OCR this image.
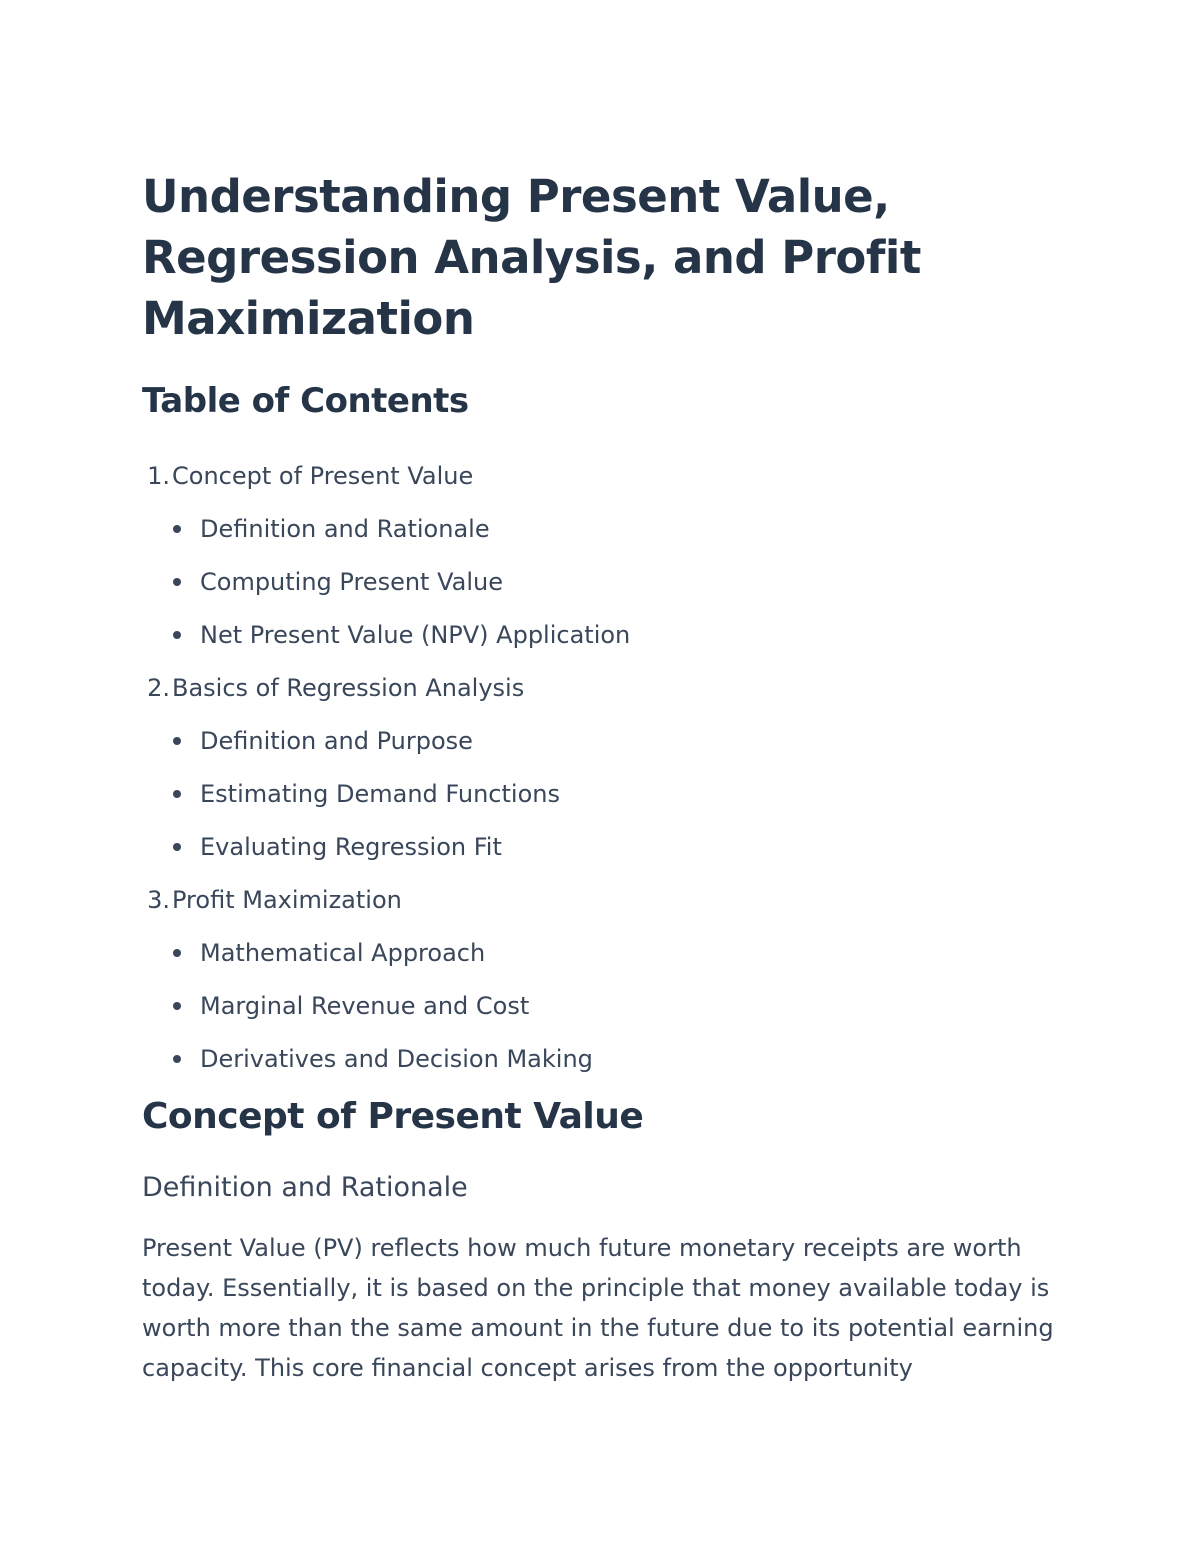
Understanding Present Value, Regression Analysis, and Profit Maximization
Table of Contents
1.Concept of Present Value
Definition and Rationale
Computing Present Value
Net Present Value (NPV) Application
2.Basics of Regression Analysis
Definition and Purpose
Estimating Demand Functions
Evaluating Regression Fit
3.Profit Maximization
Mathematical Approach
Marginal Revenue and Cost
Derivatives and Decision Making
Concept of Present Value
Definition and Rationale

Present Value (PV) reflects how much future monetary receipts are worth today. Essentially, it is based on the principle that money available today is worth more than the same amount in the future due to its potential earning capacity. This core financial concept arises from the opportunity
